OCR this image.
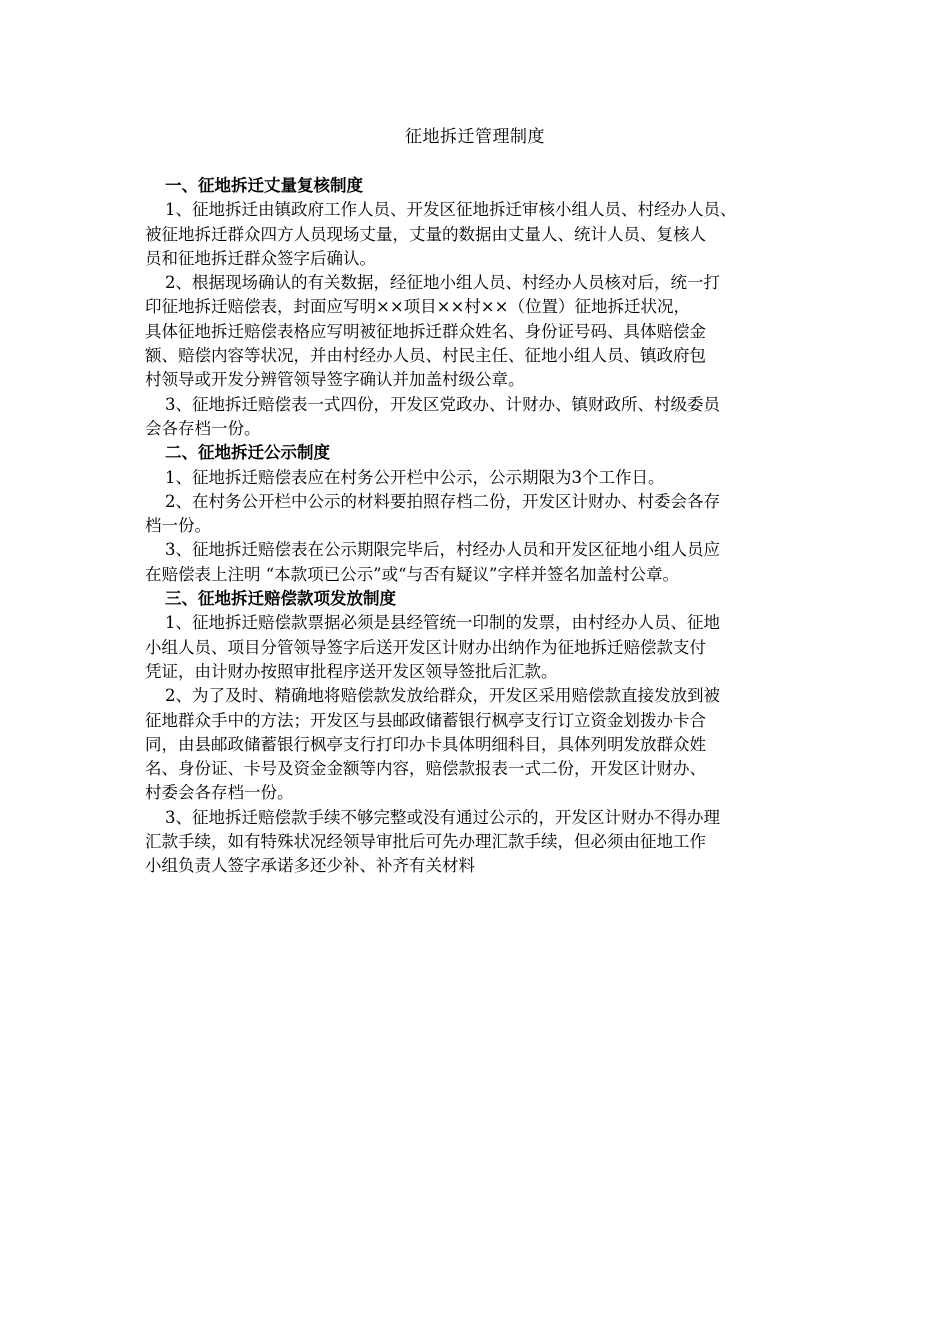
征地拆迁管理制度
一、征地拆迁丈量复核制度
1、征地拆迁由镇政府工作人员、开发区征地拆迁审核小组人员、村经办人员、
被征地拆迁群众四方人员现场丈量，丈量的数据由丈量人、统计人员、复核人
员和征地拆迁群众签字后确认。
2、根据现场确认的有关数据，经征地小组人员、村经办人员核对后，统一打
印征地拆迁赔偿表，封面应写明××项目××村××（位置）征地拆迁状况，
具体征地拆迁赔偿表格应写明被征地拆迁群众姓名、身份证号码、具体赔偿金
额、赔偿内容等状况，并由村经办人员、村民主任、征地小组人员、镇政府包
村领导或开发分辨管领导签字确认并加盖村级公章。
3、征地拆迁赔偿表一式四份，开发区党政办、计财办、镇财政所、村级委员
会各存档一份。
二、征地拆迁公示制度
1、征地拆迁赔偿表应在村务公开栏中公示，公示期限为3个工作日。
2、在村务公开栏中公示的材料要拍照存档二份，开发区计财办、村委会各存
档一份。
3、征地拆迁赔偿表在公示期限完毕后，村经办人员和开发区征地小组人员应
在赔偿表上注明 “本款项已公示”或“与否有疑议”字样并签名加盖村公章。
三、征地拆迁赔偿款项发放制度
1、征地拆迁赔偿款票据必须是县经管统一印制的发票，由村经办人员、征地
小组人员、项目分管领导签字后送开发区计财办出纳作为征地拆迁赔偿款支付
凭证，由计财办按照审批程序送开发区领导签批后汇款。
2、为了及时、精确地将赔偿款发放给群众，开发区采用赔偿款直接发放到被
征地群众手中的方法；开发区与县邮政储蓄银行枫亭支行订立资金划拨办卡合
同，由县邮政储蓄银行枫亭支行打印办卡具体明细科目，具体列明发放群众姓
名、身份证、卡号及资金金额等内容，赔偿款报表一式二份，开发区计财办、
村委会各存档一份。
3、征地拆迁赔偿款手续不够完整或没有通过公示的，开发区计财办不得办理
汇款手续，如有特殊状况经领导审批后可先办理汇款手续，但必须由征地工作
小组负责人签字承诺多还少补、补齐有关材料
